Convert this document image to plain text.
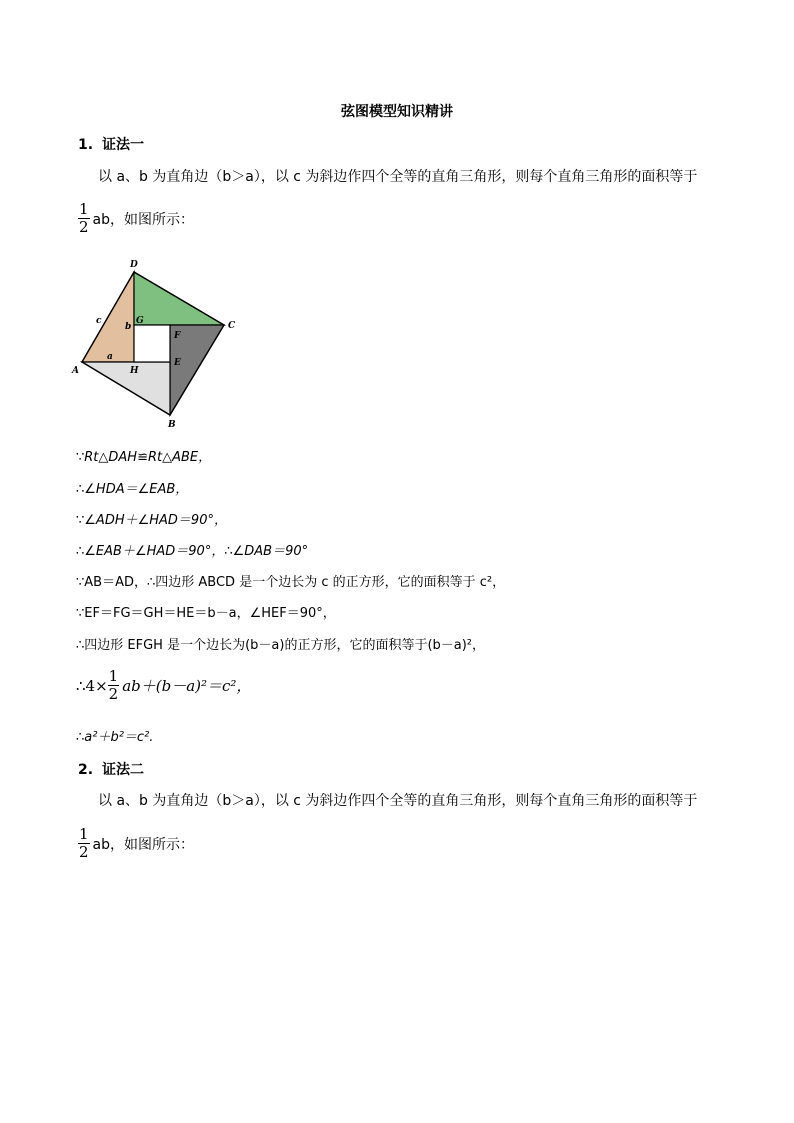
弦图模型知识精讲
1. 证法一
以 a、b 为直角边（b＞a），以 c 为斜边作四个全等的直角三角形，则每个直角三角形的面积等于
$\frac{1}{2}$ ab，如图所示：
D
C
A
B
F
E
G
H
b
a
c
∵Rt△DAH≌Rt△ABE，
∴∠HDA＝∠EAB，
∵∠ADH＋∠HAD＝90°，
∴∠EAB＋∠HAD＝90°，∴∠DAB＝90°
∵AB＝AD，∴四边形 ABCD 是一个边长为 c 的正方形，它的面积等于 c²，
∵EF＝FG＝GH＝HE＝b－a，∠HEF＝90°，
∴四边形 EFGH 是一个边长为(b－a)的正方形，它的面积等于(b－a)²，
∴4× $\frac{1}{2} ab+(b-a)^2=c^2$，
∴a²＋b²＝c².
2. 证法二
以 a、b 为直角边（b＞a），以 c 为斜边作四个全等的直角三角形，则每个直角三角形的面积等于
$\frac{1}{2}$ ab，如图所示：
